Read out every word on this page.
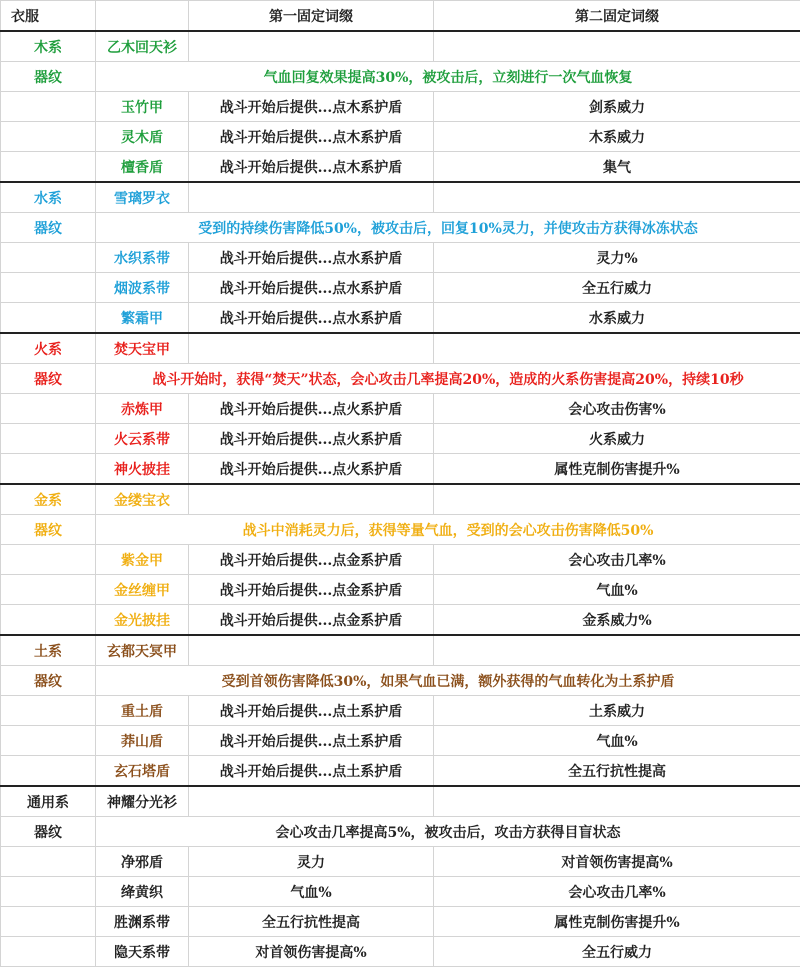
衣服		第一固定词缀	第二固定词缀
木系	乙木回天衫		
器纹	气血回复效果提高30%，被攻击后，立刻进行一次气血恢复		
	玉竹甲	战斗开始后提供...点木系护盾	剑系威力
	灵木盾	战斗开始后提供...点木系护盾	木系威力
	檀香盾	战斗开始后提供...点木系护盾	集气
水系	雪璃罗衣		
器纹	受到的持续伤害降低50%，被攻击后，回复10%灵力，并使攻击方获得冰冻状态		
	水织系带	战斗开始后提供...点水系护盾	灵力%
	烟波系带	战斗开始后提供...点水系护盾	全五行威力
	繁霜甲	战斗开始后提供...点水系护盾	水系威力
火系	焚天宝甲		
器纹	战斗开始时，获得“焚天”状态，会心攻击几率提高20%，造成的火系伤害提高20%，持续10秒		
	赤炼甲	战斗开始后提供...点火系护盾	会心攻击伤害%
	火云系带	战斗开始后提供...点火系护盾	火系威力
	神火披挂	战斗开始后提供...点火系护盾	属性克制伤害提升%
金系	金缕宝衣		
器纹	战斗中消耗灵力后，获得等量气血，受到的会心攻击伤害降低50%		
	紫金甲	战斗开始后提供...点金系护盾	会心攻击几率%
	金丝缠甲	战斗开始后提供...点金系护盾	气血%
	金光披挂	战斗开始后提供...点金系护盾	金系威力%
土系	玄都天冥甲		
器纹	受到首领伤害降低30%，如果气血已满，额外获得的气血转化为土系护盾		
	重土盾	战斗开始后提供...点土系护盾	土系威力
	莽山盾	战斗开始后提供...点土系护盾	气血%
	玄石塔盾	战斗开始后提供...点土系护盾	全五行抗性提高
通用系	神耀分光衫		
器纹	会心攻击几率提高5%，被攻击后，攻击方获得目盲状态		
	净邪盾	灵力	对首领伤害提高%
	绛黄织	气血%	会心攻击几率%
	胜渊系带	全五行抗性提高	属性克制伤害提升%
	隐天系带	对首领伤害提高%	全五行威力
